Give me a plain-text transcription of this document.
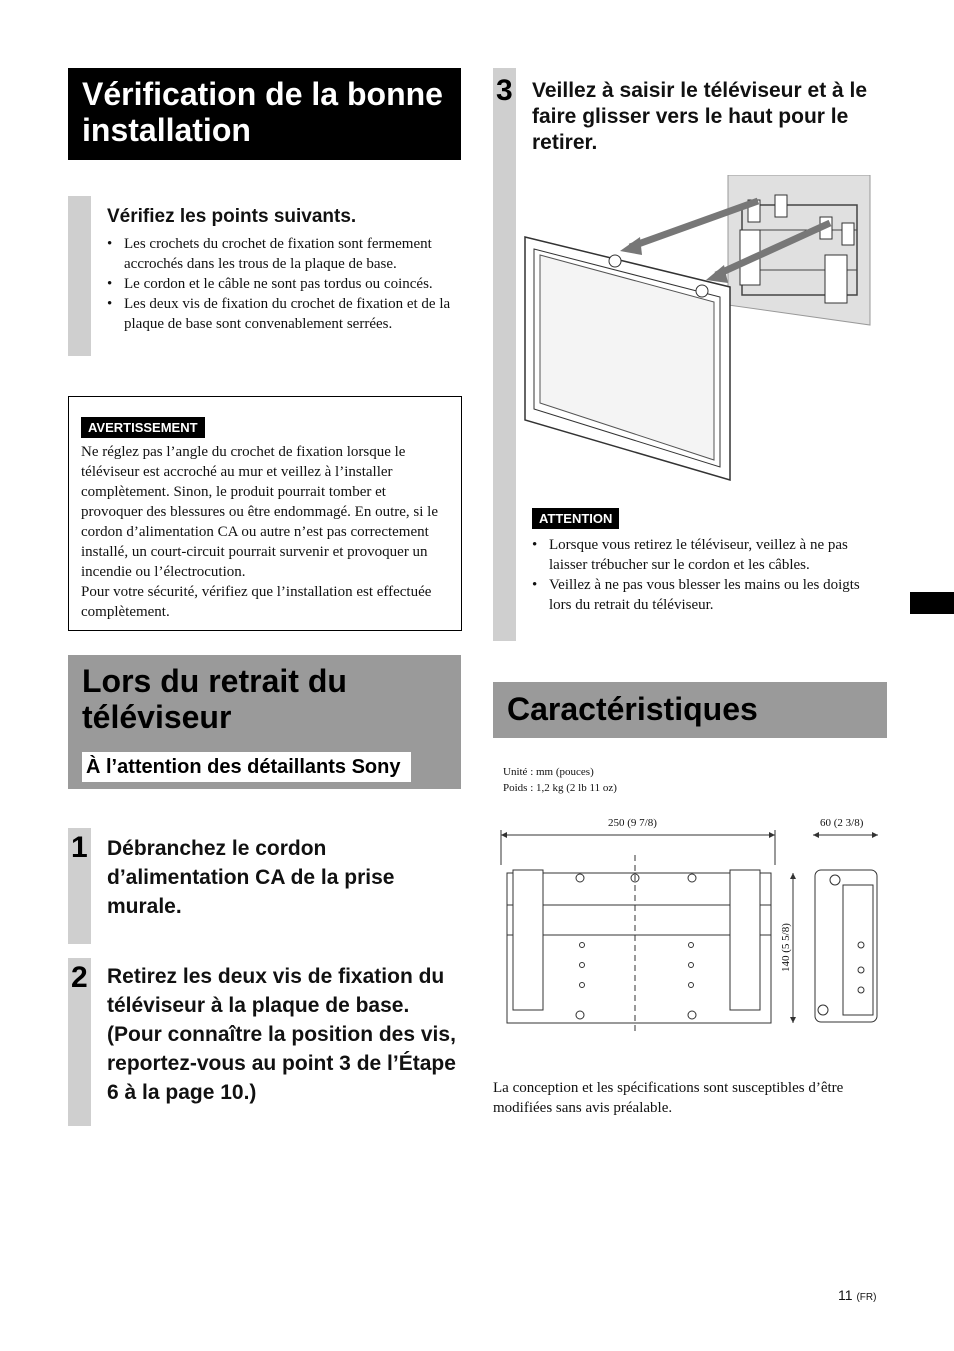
Vérification de la bonne installation
Vérifiez les points suivants.
• Les crochets du crochet de fixation sont fermement accrochés dans les trous de la plaque de base.
• Le cordon et le câble ne sont pas tordus ou coincés.
• Les deux vis de fixation du crochet de fixation et de la plaque de base sont convenablement serrées.
AVERTISSEMENT
Ne réglez pas l’angle du crochet de fixation lorsque le téléviseur est accroché au mur et veillez à l’installer complètement. Sinon, le produit pourrait tomber et provoquer des blessures ou être endommagé. En outre, si le cordon d’alimentation CA ou autre n’est pas correctement installé, un court-circuit pourrait survenir et provoquer un incendie ou l’électrocution.
Pour votre sécurité, vérifiez que l’installation est effectuée complètement.
Lors du retrait du téléviseur
À l’attention des détaillants Sony
1 Débranchez le cordon d’alimentation CA de la prise murale.
2 Retirez les deux vis de fixation du téléviseur à la plaque de base. (Pour connaître la position des vis, reportez-vous au point 3 de l’Étape 6 à la page 10.)
3 Veillez à saisir le téléviseur et à le faire glisser vers le haut pour le retirer.
ATTENTION
• Lorsque vous retirez le téléviseur, veillez à ne pas laisser trébucher sur le cordon et les câbles.
• Veillez à ne pas vous blesser les mains ou les doigts lors du retrait du téléviseur.
Caractéristiques
Unité : mm (pouces)
Poids : 1,2 kg (2 lb 11 oz)
250 (9 7/8)	60 (2 3/8)
140 (5 5/8)
La conception et les spécifications sont susceptibles d’être modifiées sans avis préalable.
11 (FR)
